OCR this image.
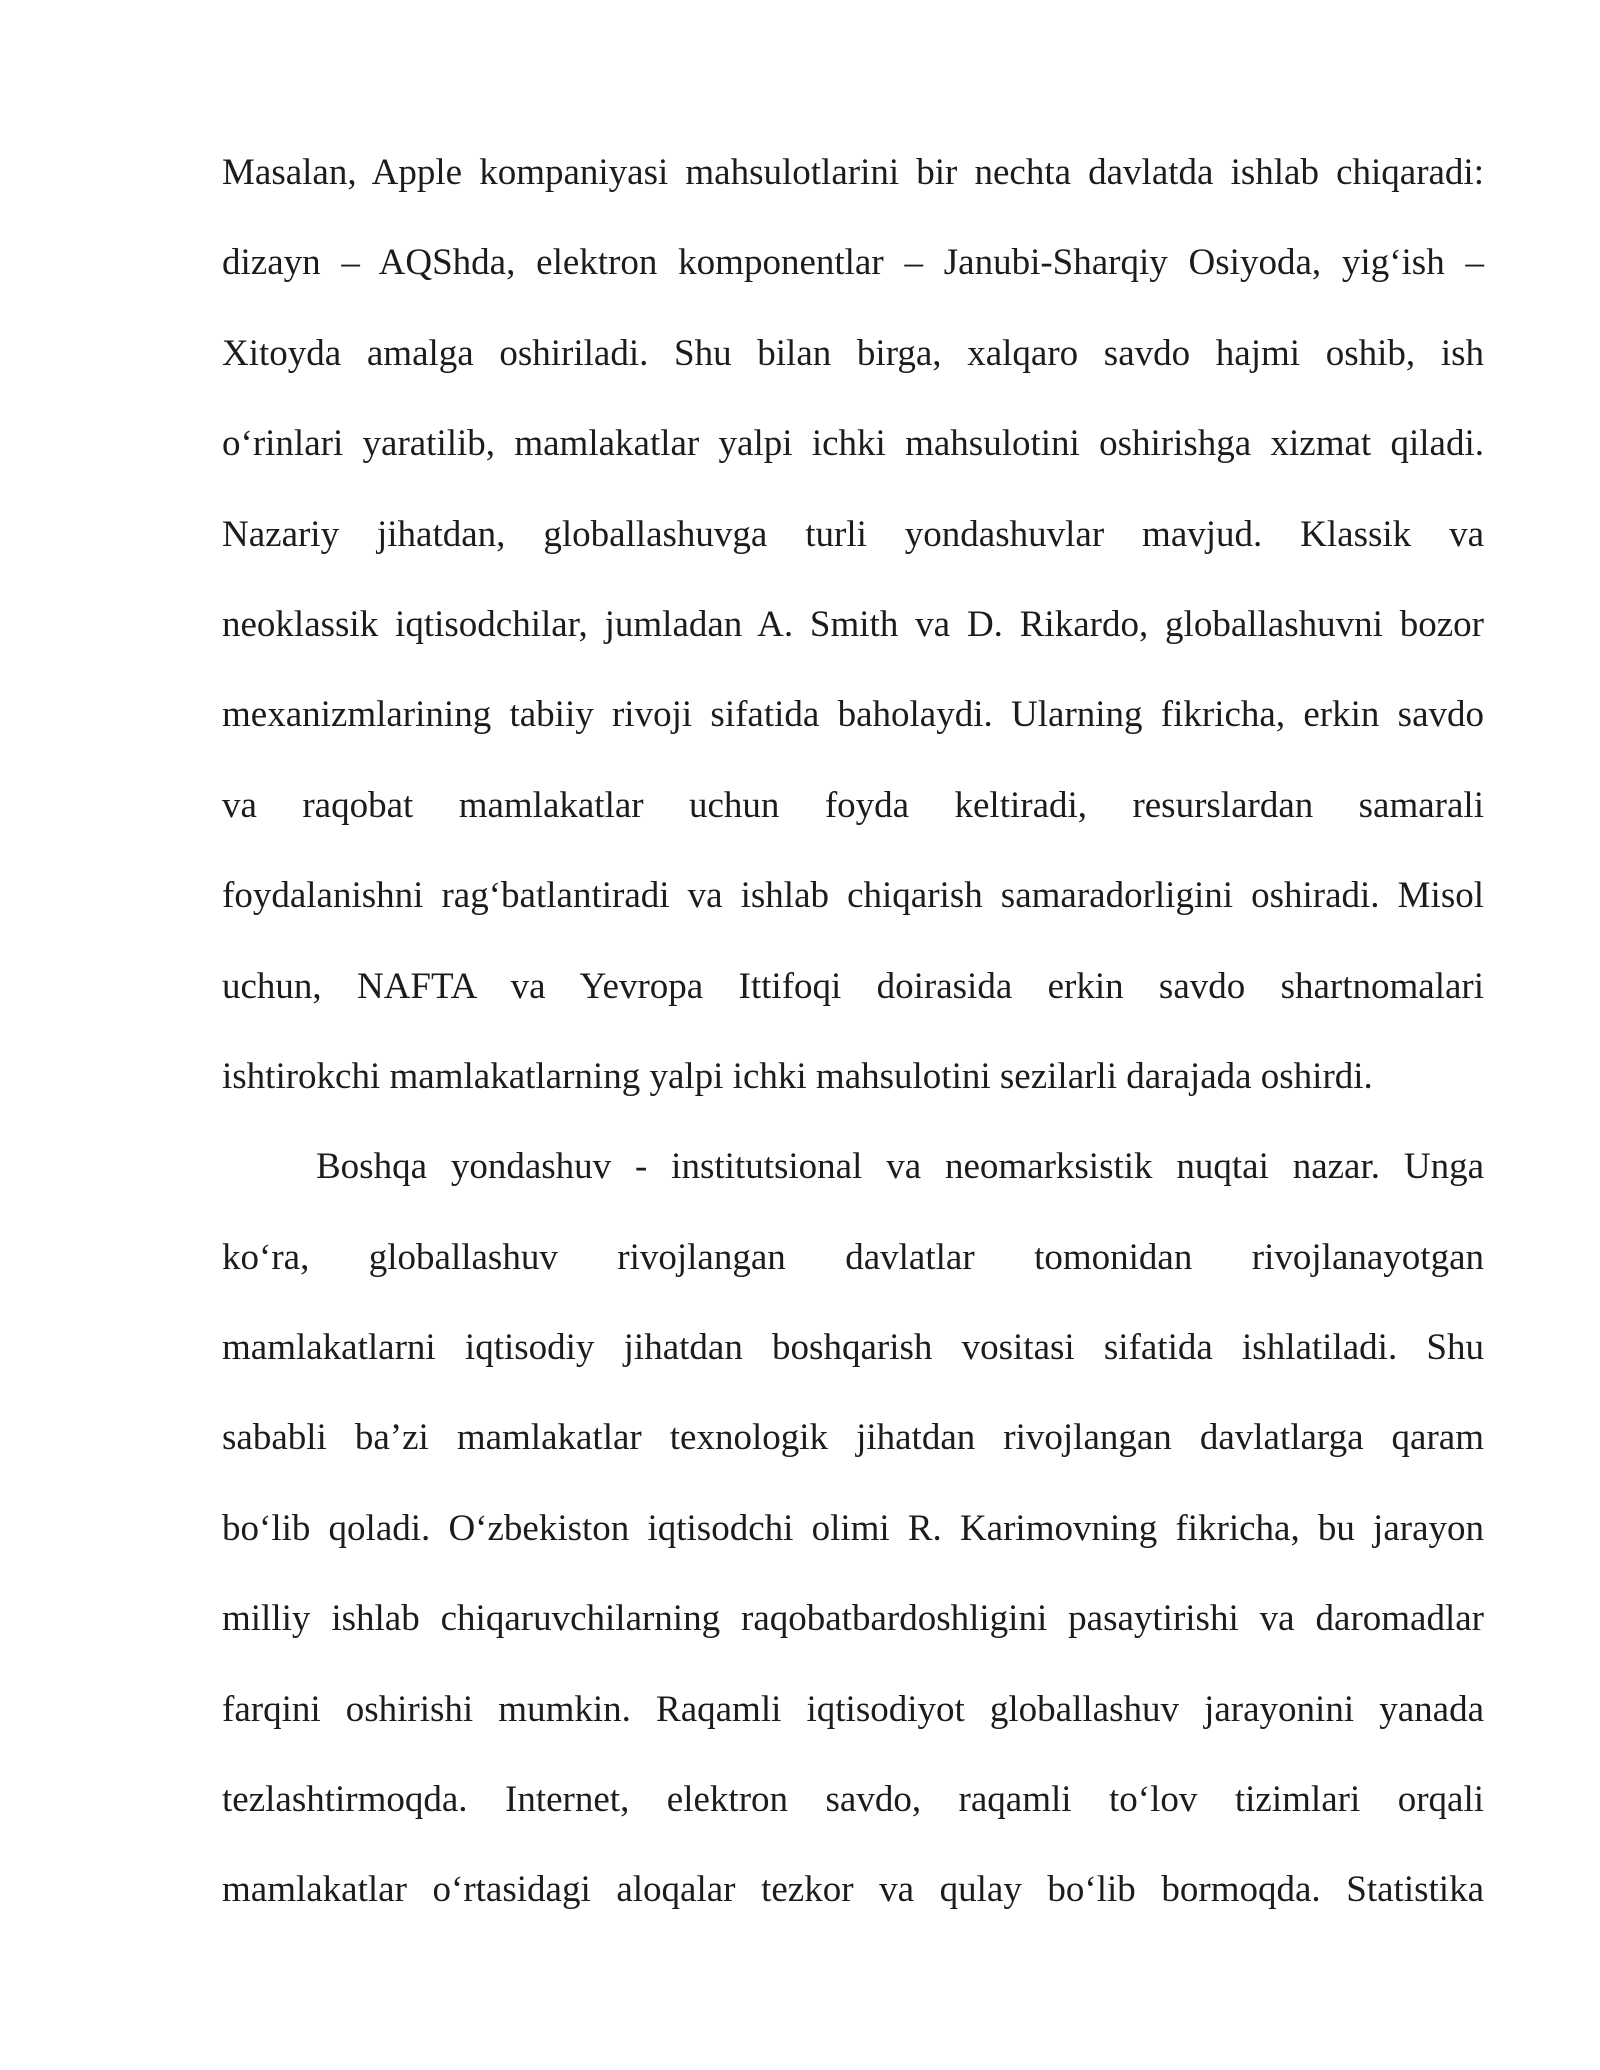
Masalan, Apple kompaniyasi mahsulotlarini bir nechta davlatda ishlab chiqaradi:
dizayn – AQShda, elektron komponentlar – Janubi-Sharqiy Osiyoda, yig‘ish –
Xitoyda amalga oshiriladi. Shu bilan birga, xalqaro savdo hajmi oshib, ish
o‘rinlari yaratilib, mamlakatlar yalpi ichki mahsulotini oshirishga xizmat qiladi.
Nazariy jihatdan, globallashuvga turli yondashuvlar mavjud. Klassik va
neoklassik iqtisodchilar, jumladan A. Smith va D. Rikardo, globallashuvni bozor
mexanizmlarining tabiiy rivoji sifatida baholaydi. Ularning fikricha, erkin savdo
va raqobat mamlakatlar uchun foyda keltiradi, resurslardan samarali
foydalanishni rag‘batlantiradi va ishlab chiqarish samaradorligini oshiradi. Misol
uchun, NAFTA va Yevropa Ittifoqi doirasida erkin savdo shartnomalari
ishtirokchi mamlakatlarning yalpi ichki mahsulotini sezilarli darajada oshirdi.
Boshqa yondashuv - institutsional va neomarksistik nuqtai nazar. Unga
ko‘ra, globallashuv rivojlangan davlatlar tomonidan rivojlanayotgan
mamlakatlarni iqtisodiy jihatdan boshqarish vositasi sifatida ishlatiladi. Shu
sababli ba’zi mamlakatlar texnologik jihatdan rivojlangan davlatlarga qaram
bo‘lib qoladi. O‘zbekiston iqtisodchi olimi R. Karimovning fikricha, bu jarayon
milliy ishlab chiqaruvchilarning raqobatbardoshligini pasaytirishi va daromadlar
farqini oshirishi mumkin. Raqamli iqtisodiyot globallashuv jarayonini yanada
tezlashtirmoqda. Internet, elektron savdo, raqamli to‘lov tizimlari orqali
mamlakatlar o‘rtasidagi aloqalar tezkor va qulay bo‘lib bormoqda. Statistika
